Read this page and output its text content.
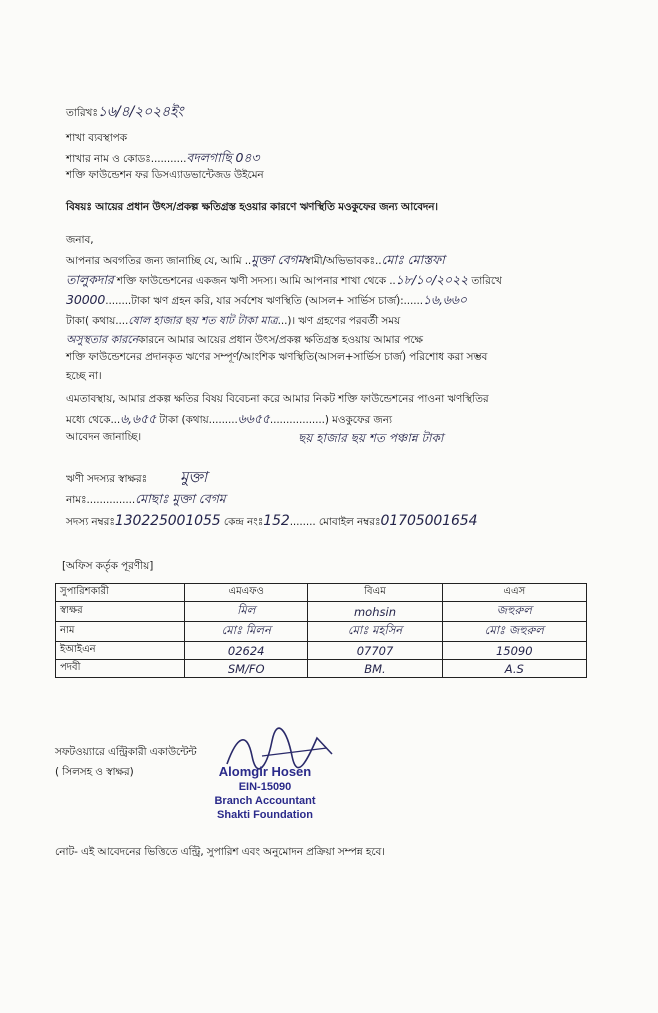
তারিখঃ১৬/৪/২০২৪ইং
শাখা ব্যবস্থাপক
শাখার নাম ও কোডঃ...........বদলগাছি 0৪৩
শক্তি ফাউন্ডেশন ফর ডিসএ্যাডভান্টেজড উইমেন
বিষয়ঃ আয়ের প্রধান উৎস/প্রকল্প ক্ষতিগ্রস্ত হওয়ার কারণে ঋণস্থিতি মওকুফের জন্য আবেদন।
জনাব,
আপনার অবগতির জন্য জানাচ্ছি যে, আমি ..মুক্তা বেগমস্বামী/অভিভাবকঃ..মোঃ মোস্তফা
তালুকদার শক্তি ফাউন্ডেশনের একজন ঋণী সদস্য। আমি আপনার শাখা থেকে ..১৮/১০/২০২২ তারিখে
30000........টাকা ঋণ গ্রহন করি, যার সর্বশেষ ঋণস্থিতি (আসল+ সার্ভিস চার্জ):......১৬,৬৬০
টাকা( কথায়....ষোল হাজার ছয় শত ষাট টাকা মাত্র...)। ঋণ গ্রহণের পরবর্তী সময়
অসুস্থতার কারনেকারনে আমার আয়ের প্রধান উৎস/প্রকল্প ক্ষতিগ্রস্ত হওয়ায় আমার পক্ষে
শক্তি ফাউন্ডেশনের প্রদানকৃত ঋণের সম্পূর্ণ/আংশিক ঋণস্থিতি(আসল+সার্ভিস চার্জ) পরিশোধ করা সম্ভব
হচ্ছে না।
এমতাবস্থায়, আমার প্রকল্প ক্ষতির বিষয় বিবেচনা করে আমার নিকট শক্তি ফাউন্ডেশনের পাওনা ঋণস্থিতির
মধ্যে থেকে...৬,৬৫৫ টাকা (কথায়.........৬৬৫৫.................) মওকুফের জন্য
আবেদন জানাচ্ছি।	ছয় হাজার ছয় শত পঞ্চান্ন টাকা
ঋণী সদস্যর স্বাক্ষরঃ মুক্তা
নামঃ...............মোছাঃ মুক্তা বেগম
সদস্য নম্বরঃ130225001055 কেন্দ্র নংঃ152........ মোবাইল নম্বরঃ01705001654
[অফিস কর্তৃক পূরণীয়]
সুপারিশকারী	এমএফও	বিএম	এএস
স্বাক্ষর	মিল	mohsin	জহুরুল
নাম	মোঃ মিলন	মোঃ মহসিন	মোঃ জহুরুল
ইআইএন	02624	07707	15090
পদবী	SM/FO	BM.	A.S
সফটওয়্যারে এন্ট্রিকারী একাউন্টেন্ট
( সিলসহ ও স্বাক্ষর)	Alomgir Hosen
EIN-15090
Branch Accountant
Shakti Foundation
নোট- এই আবেদনের ভিত্তিতে এন্ট্রি, সুপারিশ এবং অনুমোদন প্রক্রিয়া সম্পন্ন হবে।
